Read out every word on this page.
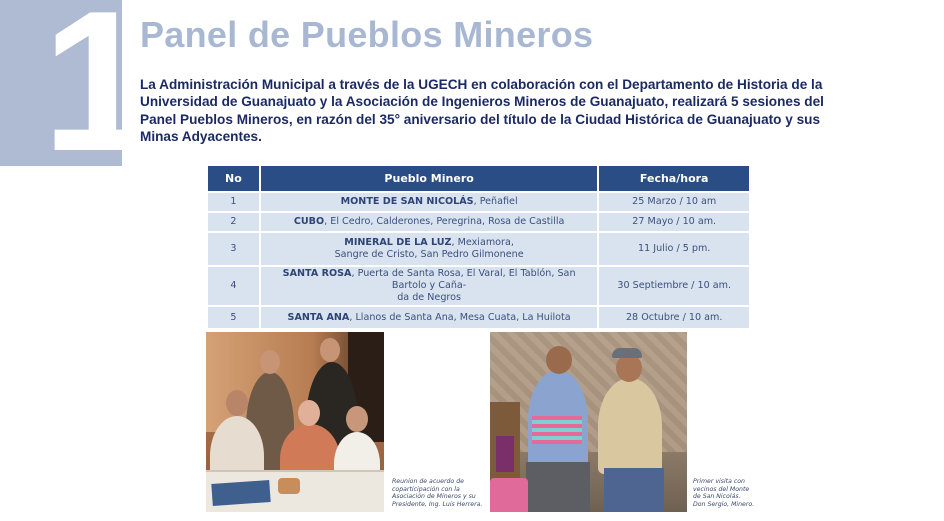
1
Panel de Pueblos Mineros

La Administración Municipal a través de la UGECH en colaboración con el Departamento de Historia de la Universidad de Guanajuato y la Asociación de Ingenieros Mineros de Guanajuato, realizará 5 sesiones del Panel Pueblos Mineros, en razón del 35° aniversario del título de la Ciudad Histórica de Guanajuato y sus Minas Adyacentes.

No	Pueblo Minero	Fecha/hora
1	MONTE DE SAN NICOLÁS, Peñafiel	25 Marzo / 10 am
2	CUBO, El Cedro, Calderones, Peregrina, Rosa de Castilla	27 Mayo / 10 am.
3	MINERAL DE LA LUZ, Mexiamora,
Sangre de Cristo, San Pedro Gilmonene	11 Julio / 5 pm.
4	SANTA ROSA, Puerta de Santa Rosa, El Varal, El Tablón, San Bartolo y Caña-
da de Negros	30 Septiembre / 10 am.
5	SANTA ANA, Llanos de Santa Ana, Mesa Cuata, La Huilota	28 Octubre / 10 am.
Reunion de acuerdo de
coparticipación con la
Asociación de Mineros y su
Presidente, Ing. Luis Herrera.
Primer visita con
vecinos del Monte
de San Nicolás.
Don Sergio, Minero.
